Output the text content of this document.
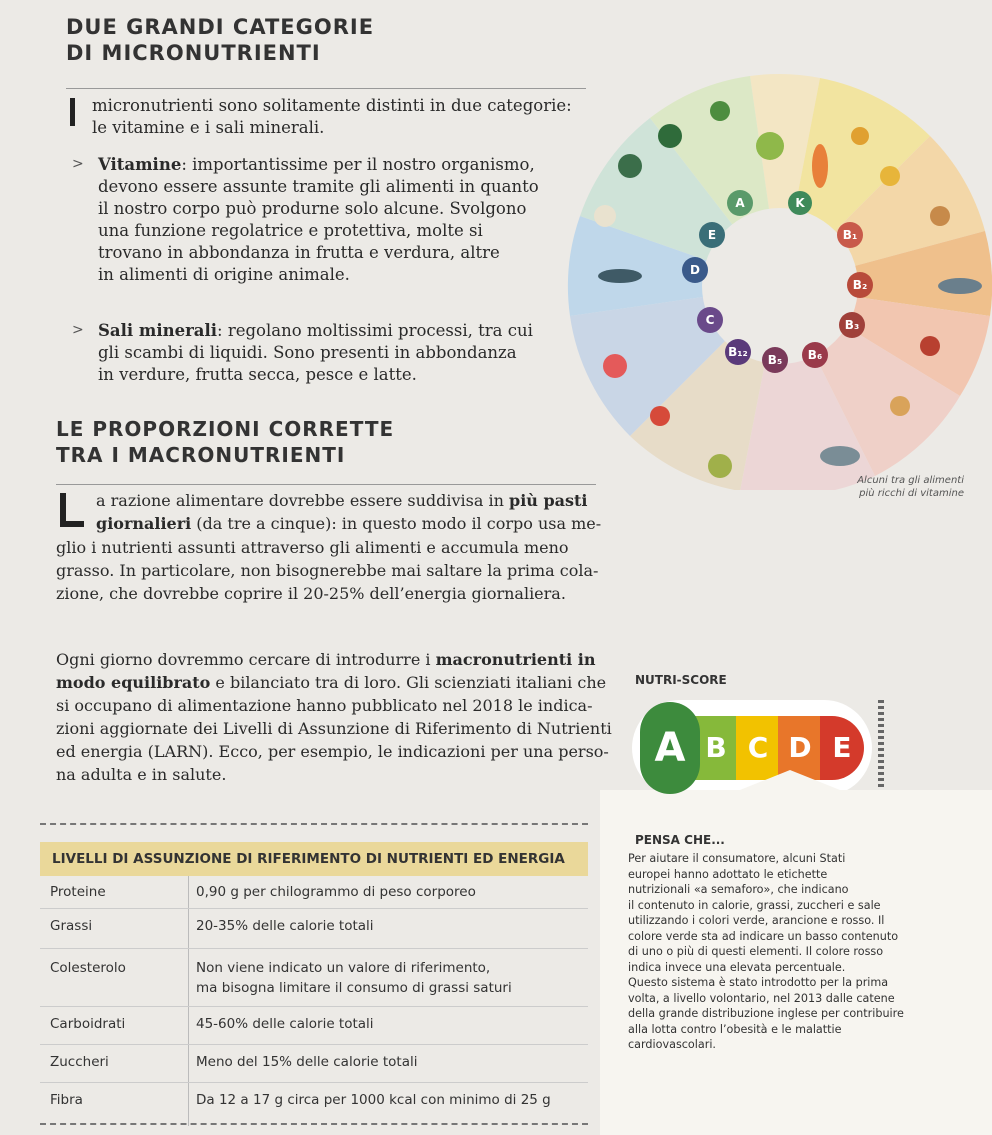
DUE GRANDI CATEGORIE
DI MICRONUTRIENTI
micronutrienti sono solitamente distinti in due categorie:
le vitamine e i sali minerali.
> Vitamine: importantissime per il nostro organismo,
devono essere assunte tramite gli alimenti in quanto
il nostro corpo può produrne solo alcune. Svolgono
una funzione regolatrice e protettiva, molte si
trovano in abbondanza in frutta e verdura, altre
in alimenti di origine animale.
> Sali minerali: regolano moltissimi processi, tra cui
gli scambi di liquidi. Sono presenti in abbondanza
in verdure, frutta secca, pesce e latte.
A
E
D
C
B₁
B₂
B₃
B₁₂
B₅ B₆
K
Alcuni tra gli alimenti
più ricchi di vitamine
LE PROPORZIONI CORRETTE
TRA I MACRONUTRIENTI
a razione alimentare dovrebbe essere suddivisa in più pasti
giornalieri (da tre a cinque): in questo modo il corpo usa me-
glio i nutrienti assunti attraverso gli alimenti e accumula meno
grasso. In particolare, non bisognerebbe mai saltare la prima cola-
zione, che dovrebbe coprire il 20-25% dell’energia giornaliera.
Ogni giorno dovremmo cercare di introdurre i macronutrienti in
modo equilibrato e bilanciato tra di loro. Gli scienziati italiani che
si occupano di alimentazione hanno pubblicato nel 2018 le indica-
zioni aggiornate dei Livelli di Assunzione di Riferimento di Nutrienti
ed energia (LARN). Ecco, per esempio, le indicazioni per una perso-
na adulta e in salute.
LIVELLI DI ASSUNZIONE DI RIFERIMENTO DI NUTRIENTI ED ENERGIA
Proteine	0,90 g per chilogrammo di peso corporeo
Grassi	20-35% delle calorie totali
Colesterolo	Non viene indicato un valore di riferimento,
ma bisogna limitare il consumo di grassi saturi
Carboidrati	45-60% delle calorie totali
Zuccheri	Meno del 15% delle calorie totali
Fibra	Da 12 a 17 g circa per 1000 kcal con minimo di 25 g
NUTRI-SCORE
A B C D E
PENSA CHE...
Per aiutare il consumatore, alcuni Stati
europei hanno adottato le etichette
nutrizionali «a semaforo», che indicano
il contenuto in calorie, grassi, zuccheri e sale
utilizzando i colori verde, arancione e rosso. Il
colore verde sta ad indicare un basso contenuto
di uno o più di questi elementi. Il colore rosso
indica invece una elevata percentuale.
Questo sistema è stato introdotto per la prima
volta, a livello volontario, nel 2013 dalle catene
della grande distribuzione inglese per contribuire
alla lotta contro l’obesità e le malattie
cardiovascolari.
